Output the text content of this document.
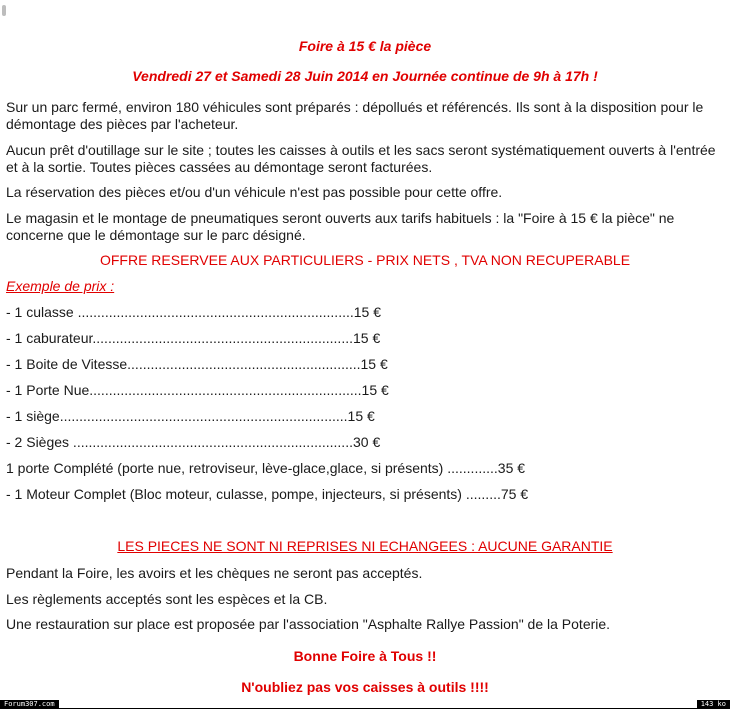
Foire à 15 € la pièce
Vendredi 27 et Samedi 28 Juin 2014 en Journée continue de 9h à 17h !
Sur un parc fermé, environ 180 véhicules sont préparés : dépollués et référencés. Ils sont à la disposition pour le démontage des pièces par l'acheteur.
Aucun prêt d'outillage sur le site ; toutes les caisses à outils et les sacs seront systématiquement ouverts à l'entrée et à la sortie. Toutes pièces cassées au démontage seront facturées.
La réservation des pièces et/ou d'un véhicule n'est pas possible pour cette offre.
Le magasin et le montage de pneumatiques seront ouverts aux tarifs habituels : la "Foire à 15 € la pièce" ne concerne que le démontage sur le parc désigné.
OFFRE RESERVEE AUX PARTICULIERS - PRIX NETS , TVA NON RECUPERABLE
Exemple de prix :
- 1 culasse .......................................................................15 €
- 1 caburateur...................................................................15 €
- 1 Boite de Vitesse............................................................15 €
- 1 Porte Nue......................................................................15 €
- 1 siège..........................................................................15 €
- 2 Sièges ........................................................................30 €
1 porte Complété (porte nue, retroviseur, lève-glace,glace, si présents) .............35 €
- 1 Moteur Complet (Bloc moteur, culasse, pompe, injecteurs, si présents) .........75 €
LES PIECES NE SONT NI REPRISES NI ECHANGEES : AUCUNE GARANTIE
Pendant la Foire, les avoirs et les chèques ne seront pas acceptés.
Les règlements acceptés sont les espèces et la CB.
Une restauration sur place est proposée par l'association "Asphalte Rallye Passion" de la Poterie.
Bonne Foire à Tous !!
N'oubliez pas vos caisses à outils !!!!
Forum307.com	143 ko
